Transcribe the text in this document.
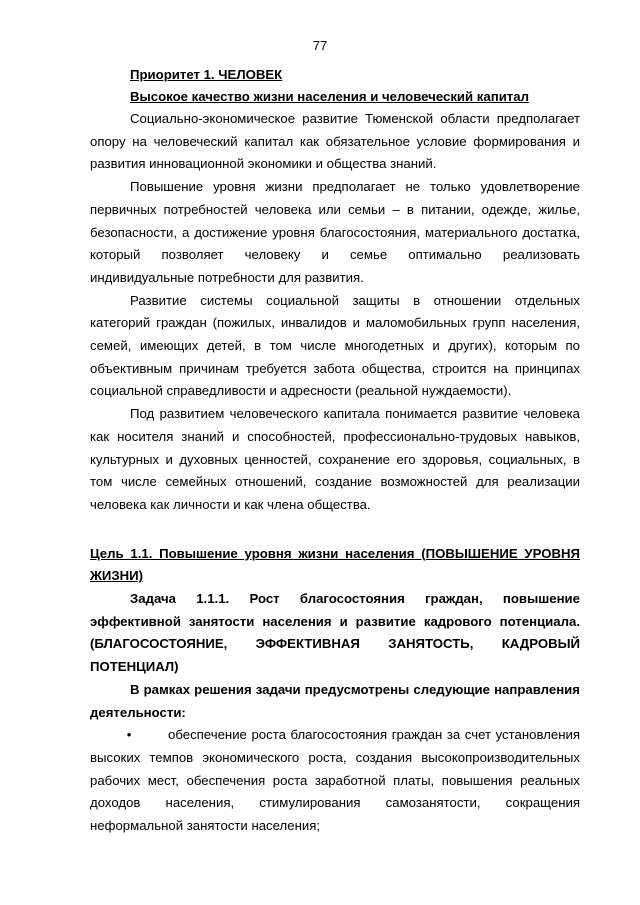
77
Приоритет 1. ЧЕЛОВЕК
Высокое качество жизни населения и человеческий капитал

Социально-экономическое развитие Тюменской области предполагает опору на человеческий капитал как обязательное условие формирования и развития инновационной экономики и общества знаний.

Повышение уровня жизни предполагает не только удовлетворение первичных потребностей человека или семьи – в питании, одежде, жилье, безопасности, а достижение уровня благосостояния, материального достатка, который позволяет человеку и семье оптимально реализовать индивидуальные потребности для развития.

Развитие системы социальной защиты в отношении отдельных категорий граждан (пожилых, инвалидов и маломобильных групп населения, семей, имеющих детей, в том числе многодетных и других), которым по объективным причинам требуется забота общества, строится на принципах социальной справедливости и адресности (реальной нуждаемости).

Под развитием человеческого капитала понимается развитие человека как носителя знаний и способностей, профессионально-трудовых навыков, культурных и духовных ценностей, сохранение его здоровья, социальных, в том числе семейных отношений, создание возможностей для реализации человека как личности и как члена общества.

Цель 1.1. Повышение уровня жизни населения (ПОВЫШЕНИЕ УРОВНЯ ЖИЗНИ)

Задача 1.1.1. Рост благосостояния граждан, повышение эффективной занятости населения и развитие кадрового потенциала. (БЛАГОСОСТОЯНИЕ, ЭФФЕКТИВНАЯ ЗАНЯТОСТЬ, КАДРОВЫЙ ПОТЕНЦИАЛ)

В рамках решения задачи предусмотрены следующие направления деятельности:

•	обеспечение роста благосостояния граждан за счет установления высоких темпов экономического роста, создания высокопроизводительных рабочих мест, обеспечения роста заработной платы, повышения реальных доходов населения, стимулирования самозанятости, сокращения неформальной занятости населения;
